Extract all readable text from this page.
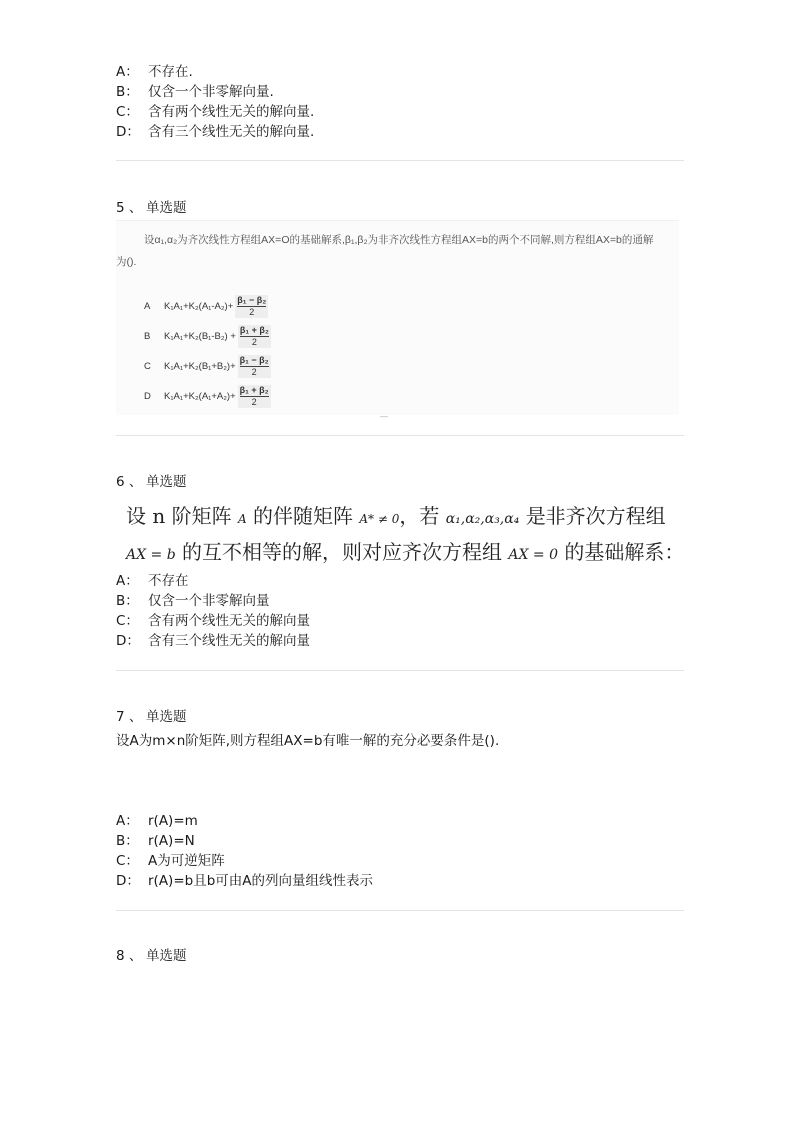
A： 不存在.
B： 仅含一个非零解向量.
C： 含有两个线性无关的解向量.
D： 含有三个线性无关的解向量.
5 、 单选题
设α₁,α₂为齐次线性方程组AX=O的基础解系,β₁,β₂为非齐次线性方程组AX=b的两个不同解,则方程组AX=b的通解
为().
A $K_1A_1+K_2(A_1-A_2)+ \frac{\text{β₁ − β₂}}{2}$
B $K_1A_1+K_2(B_1-B_2) + \frac{\text{β₁ + β₂}}{2}$
C $K_1A_1+K_2(B_1+B_2)+ \frac{\text{β₁ − β₂}}{2}$
D $K_1A_1+K_2(A_1+A_2)+ \frac{\text{β₁ + β₂}}{2}$
―
6 、 单选题
设 n 阶矩阵 A 的伴随矩阵 A* ≠ 0，若 α₁,α₂,α₃,α₄ 是非齐次方程组
AX = b 的互不相等的解，则对应齐次方程组 AX = 0 的基础解系：
A： 不存在
B： 仅含一个非零解向量
C： 含有两个线性无关的解向量
D： 含有三个线性无关的解向量
7 、 单选题
设A为m×n阶矩阵,则方程组AX=b有唯一解的充分必要条件是().
A： r(A)=m
B： r(A)=N
C： A为可逆矩阵
D： r(A)=b且b可由A的列向量组线性表示
8 、 单选题
